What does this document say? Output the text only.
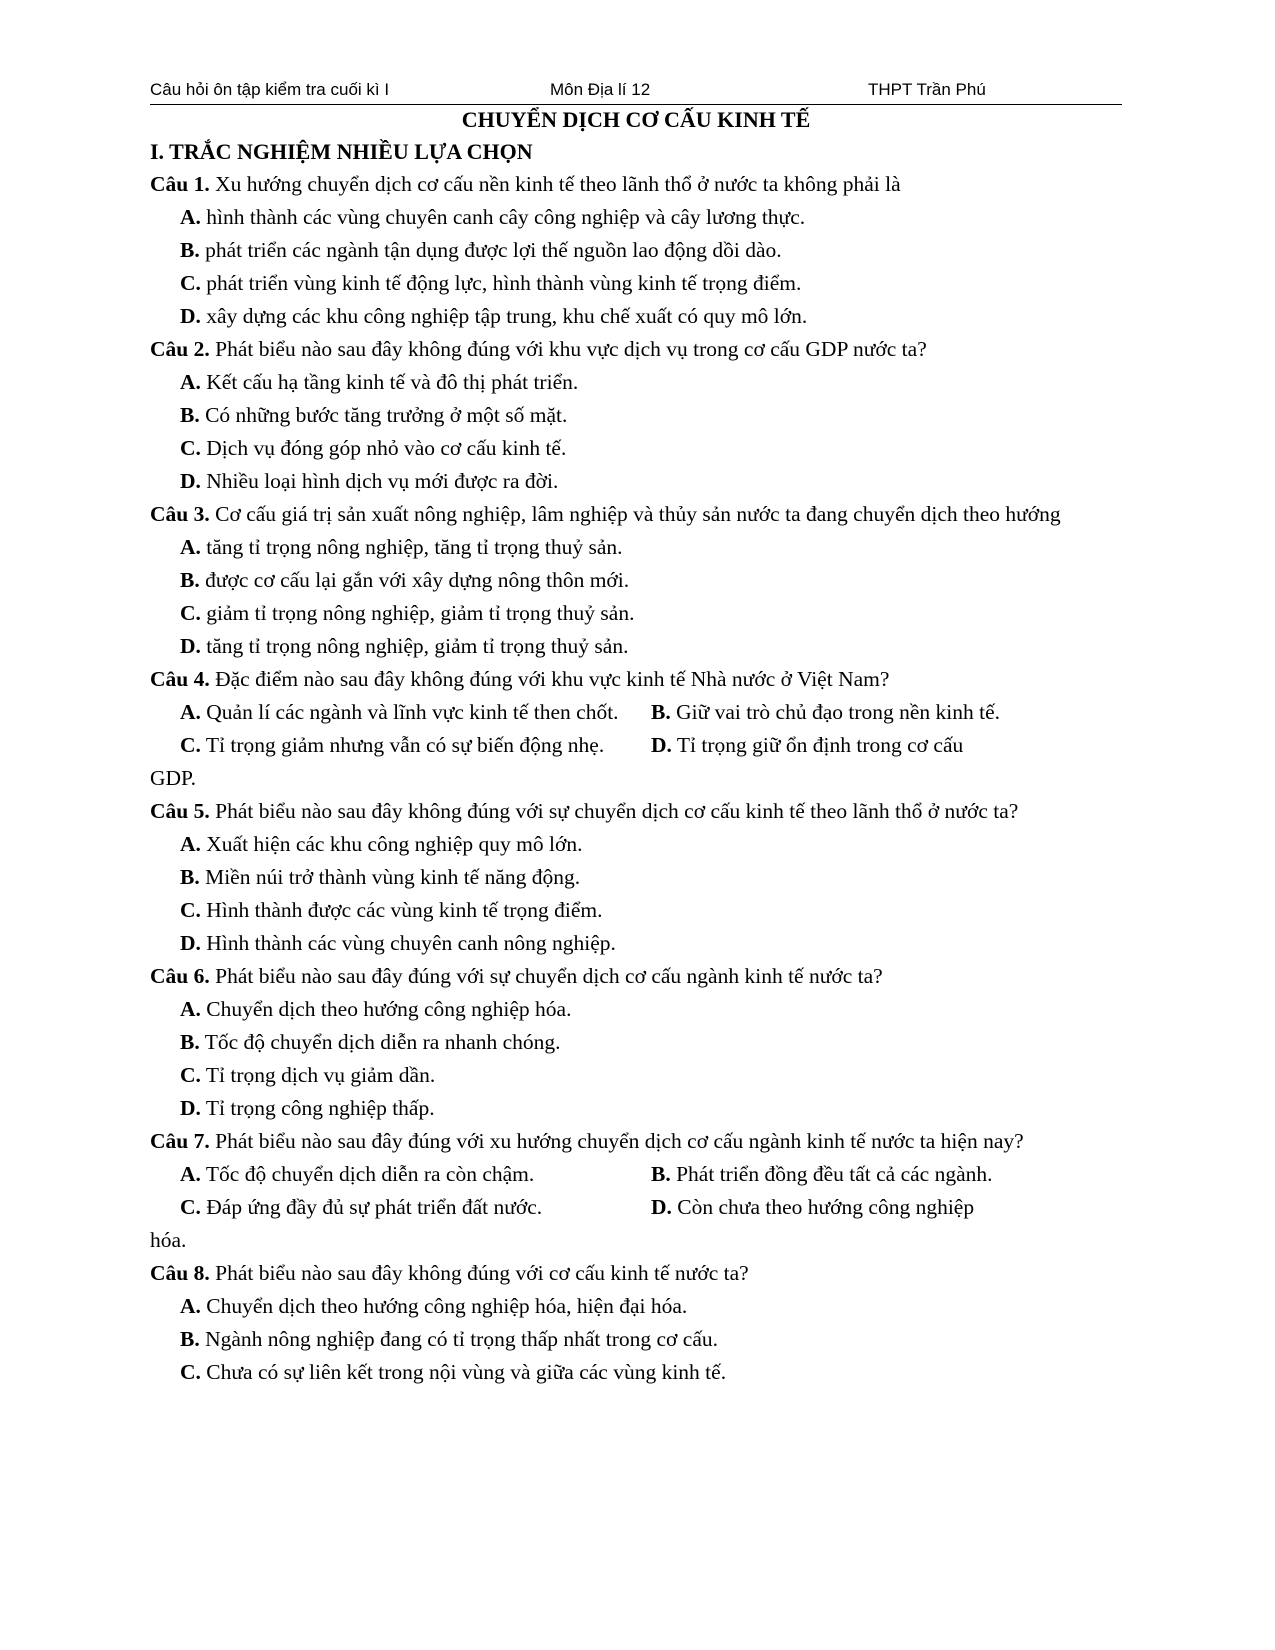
Câu hỏi ôn tập kiểm tra cuối kì I	Môn Địa lí 12	THPT Trần Phú
CHUYỂN DỊCH CƠ CẤU KINH TẾ
I. TRẮC NGHIỆM NHIỀU LỰA CHỌN

Câu 1. Xu hướng chuyển dịch cơ cấu nền kinh tế theo lãnh thổ ở nước ta không phải là

A. hình thành các vùng chuyên canh cây công nghiệp và cây lương thực.

B. phát triển các ngành tận dụng được lợi thế nguồn lao động dồi dào.

C. phát triển vùng kinh tế động lực, hình thành vùng kinh tế trọng điểm.

D. xây dựng các khu công nghiệp tập trung, khu chế xuất có quy mô lớn.

Câu 2. Phát biểu nào sau đây không đúng với khu vực dịch vụ trong cơ cấu GDP nước ta?

A. Kết cấu hạ tầng kinh tế và đô thị phát triển.

B. Có những bước tăng trưởng ở một số mặt.

C. Dịch vụ đóng góp nhỏ vào cơ cấu kinh tế.

D. Nhiều loại hình dịch vụ mới được ra đời.

Câu 3. Cơ cấu giá trị sản xuất nông nghiệp, lâm nghiệp và thủy sản nước ta đang chuyển dịch theo hướng

A. tăng tỉ trọng nông nghiệp, tăng tỉ trọng thuỷ sản.

B. được cơ cấu lại gắn với xây dựng nông thôn mới.

C. giảm tỉ trọng nông nghiệp, giảm tỉ trọng thuỷ sản.

D. tăng tỉ trọng nông nghiệp, giảm tỉ trọng thuỷ sản.

Câu 4. Đặc điểm nào sau đây không đúng với khu vực kinh tế Nhà nước ở Việt Nam?

A. Quản lí các ngành và lĩnh vực kinh tế then chốt.	B. Giữ vai trò chủ đạo trong nền kinh tế.
C. Tỉ trọng giảm nhưng vẫn có sự biến động nhẹ.	D. Tỉ trọng giữ ổn định trong cơ cấu

GDP.

Câu 5. Phát biểu nào sau đây không đúng với sự chuyển dịch cơ cấu kinh tế theo lãnh thổ ở nước ta?

A. Xuất hiện các khu công nghiệp quy mô lớn.

B. Miền núi trở thành vùng kinh tế năng động.

C. Hình thành được các vùng kinh tế trọng điểm.

D. Hình thành các vùng chuyên canh nông nghiệp.

Câu 6. Phát biểu nào sau đây đúng với sự chuyển dịch cơ cấu ngành kinh tế nước ta?

A. Chuyển dịch theo hướng công nghiệp hóa.

B. Tốc độ chuyển dịch diễn ra nhanh chóng.

C. Tỉ trọng dịch vụ giảm dần.

D. Tỉ trọng công nghiệp thấp.

Câu 7. Phát biểu nào sau đây đúng với xu hướng chuyển dịch cơ cấu ngành kinh tế nước ta hiện nay?

A. Tốc độ chuyển dịch diễn ra còn chậm.	B. Phát triển đồng đều tất cả các ngành.
C. Đáp ứng đầy đủ sự phát triển đất nước.	D. Còn chưa theo hướng công nghiệp

hóa.

Câu 8. Phát biểu nào sau đây không đúng với cơ cấu kinh tế nước ta?

A. Chuyển dịch theo hướng công nghiệp hóa, hiện đại hóa.

B. Ngành nông nghiệp đang có tỉ trọng thấp nhất trong cơ cấu.

C. Chưa có sự liên kết trong nội vùng và giữa các vùng kinh tế.
